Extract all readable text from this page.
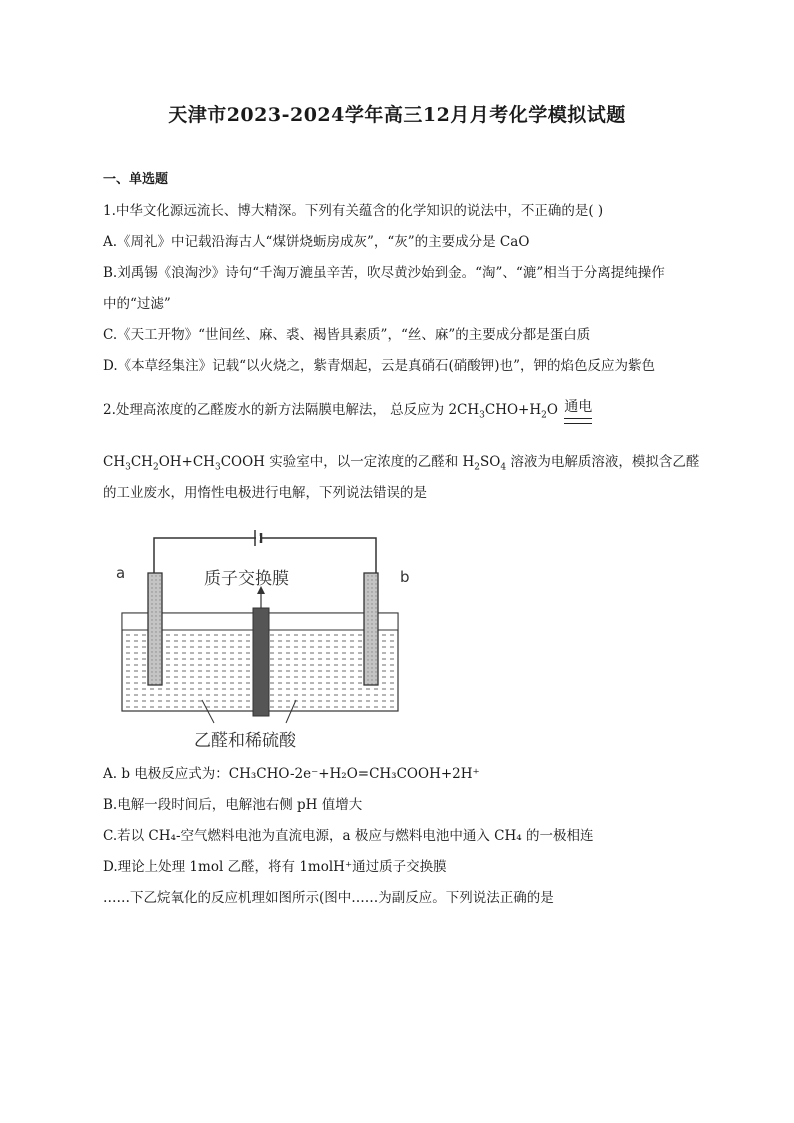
天津市2023-2024学年高三12月月考化学模拟试题
一、单选题
1.中华文化源远流长、博大精深。下列有关蕴含的化学知识的说法中，不正确的是( )
A.《周礼》中记载沿海古人“煤饼烧蛎房成灰”，“灰”的主要成分是 CaO
B.刘禹锡《浪淘沙》诗句“千淘万漉虽辛苦，吹尽黄沙始到金。“淘”、“漉”相当于分离提纯操作
中的“过滤”
C.《天工开物》“世间丝、麻、裘、褐皆具素质”，“丝、麻”的主要成分都是蛋白质
D.《本草经集注》记载“以火烧之，紫青烟起，云是真硝石(硝酸钾)也”，钾的焰色反应为紫色
2.处理高浓度的乙醛废水的新方法隔膜电解法， 总反应为 $2CH_3CHO+H_2O$ 通电
$CH_3CH_2OH+CH_3COOH$ 实验室中，以一定浓度的乙醛和 $H_2SO_4$ 溶液为电解质溶液，模拟含乙醛
的工业废水，用惰性电极进行电解，下列说法错误的是
a	b
质子交换膜
乙醛和稀硫酸
A. b 电极反应式为：CH₃CHO-2e⁻+H₂O=CH₃COOH+2H⁺
B.电解一段时间后，电解池右侧 pH 值增大
C.若以 CH₄-空气燃料电池为直流电源，a 极应与燃料电池中通入 CH₄ 的一极相连
D.理论上处理 1mol 乙醛，将有 1molH⁺通过质子交换膜
……下乙烷氧化的反应机理如图所示(图中……为副反应。下列说法正确的是
